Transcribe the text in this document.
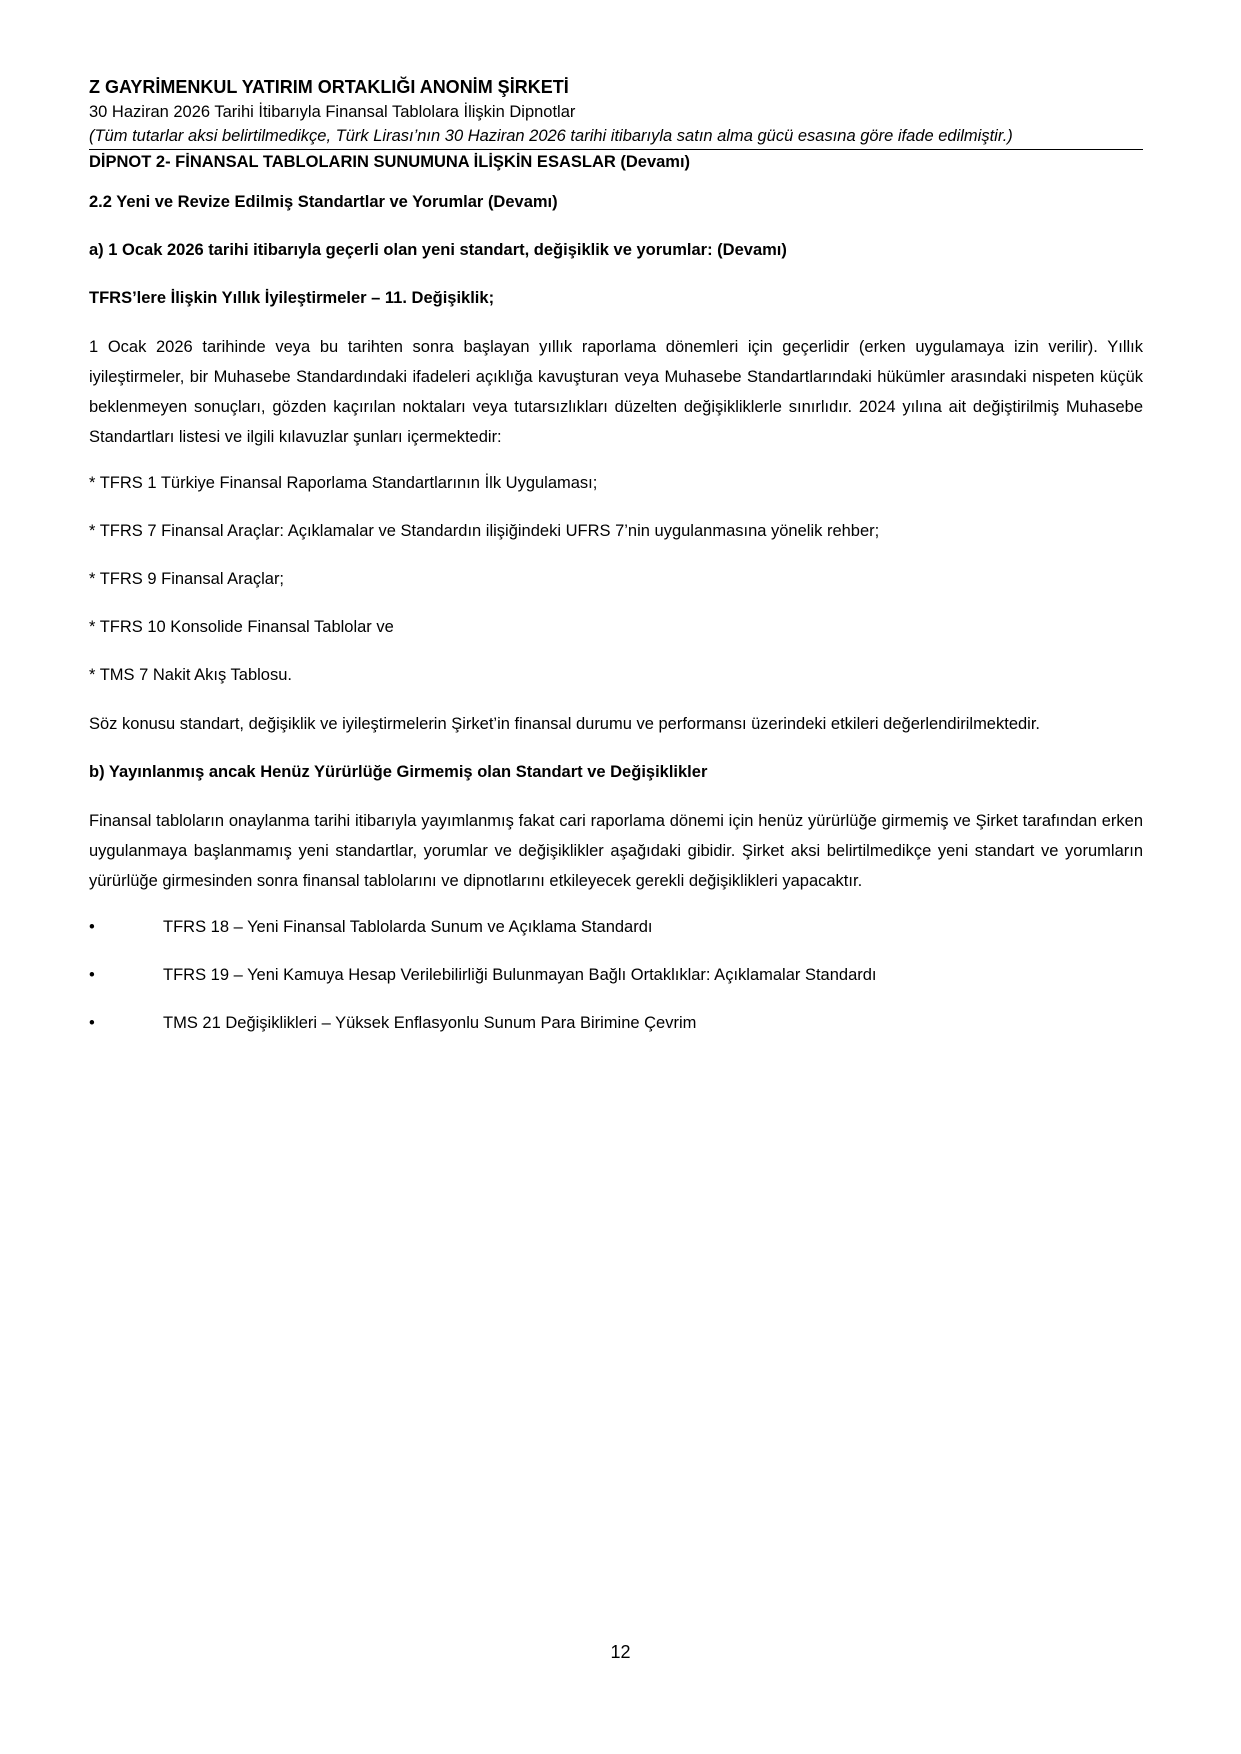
Z GAYRİMENKUL YATIRIM ORTAKLIĞI ANONİM ŞİRKETİ
30 Haziran 2026 Tarihi İtibarıyla Finansal Tablolara İlişkin Dipnotlar
(Tüm tutarlar aksi belirtilmedikçe, Türk Lirası’nın 30 Haziran 2026 tarihi itibarıyla satın alma gücü esasına göre ifade edilmiştir.)
DİPNOT 2- FİNANSAL TABLOLARIN SUNUMUNA İLİŞKİN ESASLAR (Devamı)
2.2 Yeni ve Revize Edilmiş Standartlar ve Yorumlar (Devamı)
a) 1 Ocak 2026 tarihi itibarıyla geçerli olan yeni standart, değişiklik ve yorumlar: (Devamı)
TFRS’lere İlişkin Yıllık İyileştirmeler – 11. Değişiklik;
1 Ocak 2026 tarihinde veya bu tarihten sonra başlayan yıllık raporlama dönemleri için geçerlidir (erken uygulamaya izin verilir). Yıllık iyileştirmeler, bir Muhasebe Standardındaki ifadeleri açıklığa kavuşturan veya Muhasebe Standartlarındaki hükümler arasındaki nispeten küçük beklenmeyen sonuçları, gözden kaçırılan noktaları veya tutarsızlıkları düzelten değişikliklerle sınırlıdır. 2024 yılına ait değiştirilmiş Muhasebe Standartları listesi ve ilgili kılavuzlar şunları içermektedir:
* TFRS 1 Türkiye Finansal Raporlama Standartlarının İlk Uygulaması;
* TFRS 7 Finansal Araçlar: Açıklamalar ve Standardın ilişiğindeki UFRS 7’nin uygulanmasına yönelik rehber;
* TFRS 9 Finansal Araçlar;
* TFRS 10 Konsolide Finansal Tablolar ve
* TMS 7 Nakit Akış Tablosu.
Söz konusu standart, değişiklik ve iyileştirmelerin Şirket’in finansal durumu ve performansı üzerindeki etkileri değerlendirilmektedir.
b) Yayınlanmış ancak Henüz Yürürlüğe Girmemiş olan Standart ve Değişiklikler
Finansal tabloların onaylanma tarihi itibarıyla yayımlanmış fakat cari raporlama dönemi için henüz yürürlüğe girmemiş ve Şirket tarafından erken uygulanmaya başlanmamış yeni standartlar, yorumlar ve değişiklikler aşağıdaki gibidir. Şirket aksi belirtilmedikçe yeni standart ve yorumların yürürlüğe girmesinden sonra finansal tablolarını ve dipnotlarını etkileyecek gerekli değişiklikleri yapacaktır.
•	TFRS 18 – Yeni Finansal Tablolarda Sunum ve Açıklama Standardı
•	TFRS 19 – Yeni Kamuya Hesap Verilebilirliği Bulunmayan Bağlı Ortaklıklar: Açıklamalar Standardı
•	TMS 21 Değişiklikleri – Yüksek Enflasyonlu Sunum Para Birimine Çevrim
12
